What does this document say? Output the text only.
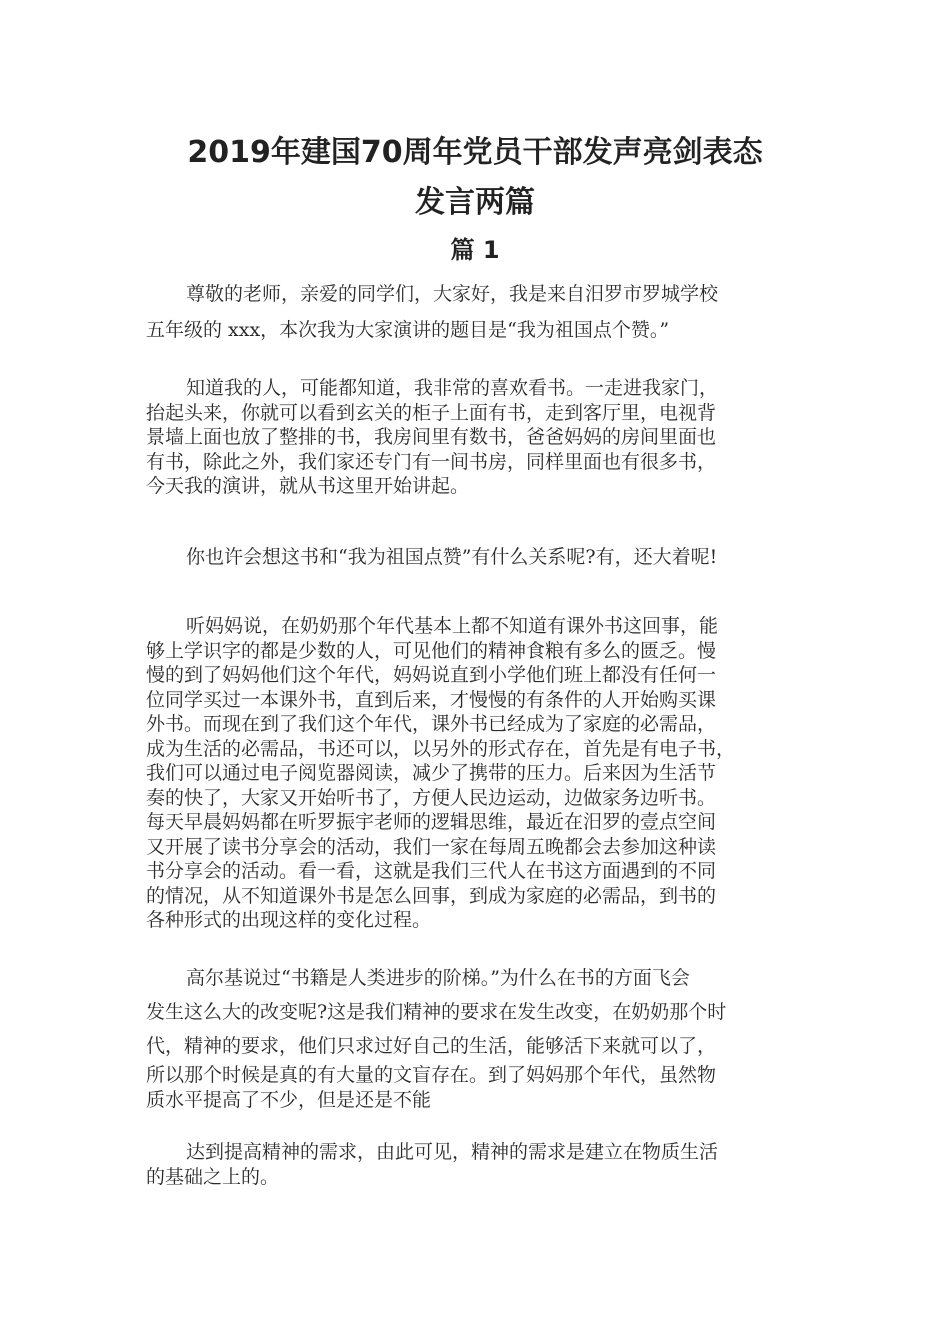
2019年建国70周年党员干部发声亮剑表态
发言两篇
篇 1

尊敬的老师，亲爱的同学们，大家好，我是来自汨罗市罗城学校
五年级的 xxx，本次我为大家演讲的题目是“我为祖国点个赞。”

知道我的人，可能都知道，我非常的喜欢看书。一走进我家门，
抬起头来，你就可以看到玄关的柜子上面有书，走到客厅里，电视背
景墙上面也放了整排的书，我房间里有数书，爸爸妈妈的房间里面也
有书，除此之外，我们家还专门有一间书房，同样里面也有很多书，
今天我的演讲，就从书这里开始讲起。

你也许会想这书和“我为祖国点赞”有什么关系呢?有，还大着呢!

听妈妈说，在奶奶那个年代基本上都不知道有课外书这回事，能
够上学识字的都是少数的人，可见他们的精神食粮有多么的匮乏。慢
慢的到了妈妈他们这个年代，妈妈说直到小学他们班上都没有任何一
位同学买过一本课外书，直到后来，才慢慢的有条件的人开始购买课
外书。而现在到了我们这个年代，课外书已经成为了家庭的必需品，
成为生活的必需品，书还可以，以另外的形式存在，首先是有电子书，
我们可以通过电子阅览器阅读，减少了携带的压力。后来因为生活节
奏的快了，大家又开始听书了，方便人民边运动，边做家务边听书。
每天早晨妈妈都在听罗振宇老师的逻辑思维，最近在汨罗的壹点空间
又开展了读书分享会的活动，我们一家在每周五晚都会去参加这种读
书分享会的活动。看一看，这就是我们三代人在书这方面遇到的不同
的情况，从不知道课外书是怎么回事，到成为家庭的必需品，到书的
各种形式的出现这样的变化过程。

高尔基说过“书籍是人类进步的阶梯。”为什么在书的方面飞会
发生这么大的改变呢?这是我们精神的要求在发生改变，在奶奶那个时
代，精神的要求，他们只求过好自己的生活，能够活下来就可以了，
所以那个时候是真的有大量的文盲存在。到了妈妈那个年代，虽然物
质水平提高了不少，但是还是不能

达到提高精神的需求，由此可见，精神的需求是建立在物质生活
的基础之上的。
